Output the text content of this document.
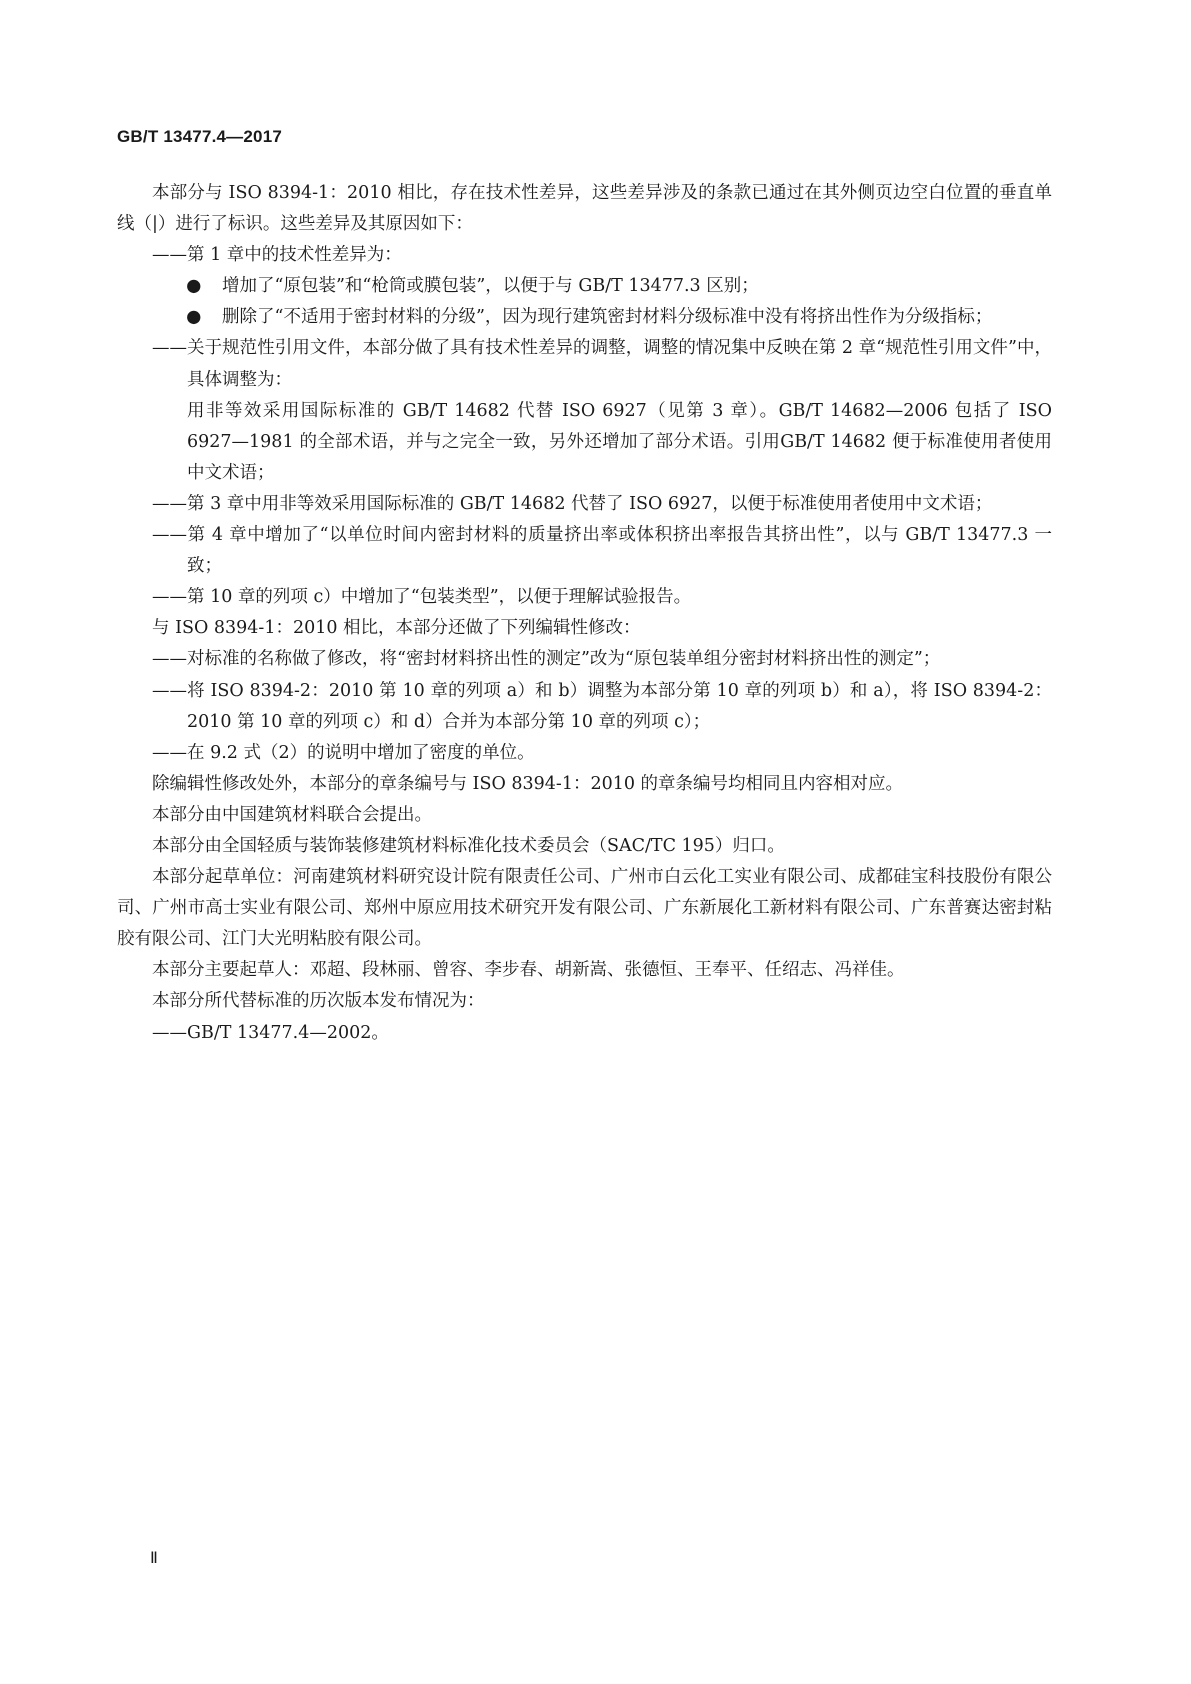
GB/T 13477.4—2017

本部分与 ISO 8394-1：2010 相比，存在技术性差异，这些差异涉及的条款已通过在其外侧页边空白位置的垂直单线（|）进行了标识。这些差异及其原因如下：

——第 1 章中的技术性差异为：

● 增加了“原包装”和“枪筒或膜包装”，以便于与 GB/T 13477.3 区别；

● 删除了“不适用于密封材料的分级”，因为现行建筑密封材料分级标准中没有将挤出性作为分级指标；

——关于规范性引用文件，本部分做了具有技术性差异的调整，调整的情况集中反映在第 2 章“规范性引用文件”中，具体调整为：

用非等效采用国际标准的 GB/T 14682 代替 ISO 6927（见第 3 章）。GB/T 14682—2006 包括了 ISO 6927—1981 的全部术语，并与之完全一致，另外还增加了部分术语。引用GB/T 14682 便于标准使用者使用中文术语；

——第 3 章中用非等效采用国际标准的 GB/T 14682 代替了 ISO 6927，以便于标准使用者使用中文术语；

——第 4 章中增加了“以单位时间内密封材料的质量挤出率或体积挤出率报告其挤出性”，以与 GB/T 13477.3 一致；

——第 10 章的列项 c）中增加了“包装类型”，以便于理解试验报告。

与 ISO 8394-1：2010 相比，本部分还做了下列编辑性修改：

——对标准的名称做了修改，将“密封材料挤出性的测定”改为“原包装单组分密封材料挤出性的测定”；

——将 ISO 8394-2：2010 第 10 章的列项 a）和 b）调整为本部分第 10 章的列项 b）和 a），将 ISO 8394-2：2010 第 10 章的列项 c）和 d）合并为本部分第 10 章的列项 c）；

——在 9.2 式（2）的说明中增加了密度的单位。

除编辑性修改处外，本部分的章条编号与 ISO 8394-1：2010 的章条编号均相同且内容相对应。

本部分由中国建筑材料联合会提出。

本部分由全国轻质与装饰装修建筑材料标准化技术委员会（SAC/TC 195）归口。

本部分起草单位：河南建筑材料研究设计院有限责任公司、广州市白云化工实业有限公司、成都硅宝科技股份有限公司、广州市高士实业有限公司、郑州中原应用技术研究开发有限公司、广东新展化工新材料有限公司、广东普赛达密封粘胶有限公司、江门大光明粘胶有限公司。

本部分主要起草人：邓超、段林丽、曾容、李步春、胡新嵩、张德恒、王奉平、任绍志、冯祥佳。

本部分所代替标准的历次版本发布情况为：

——GB/T 13477.4—2002。

Ⅱ
